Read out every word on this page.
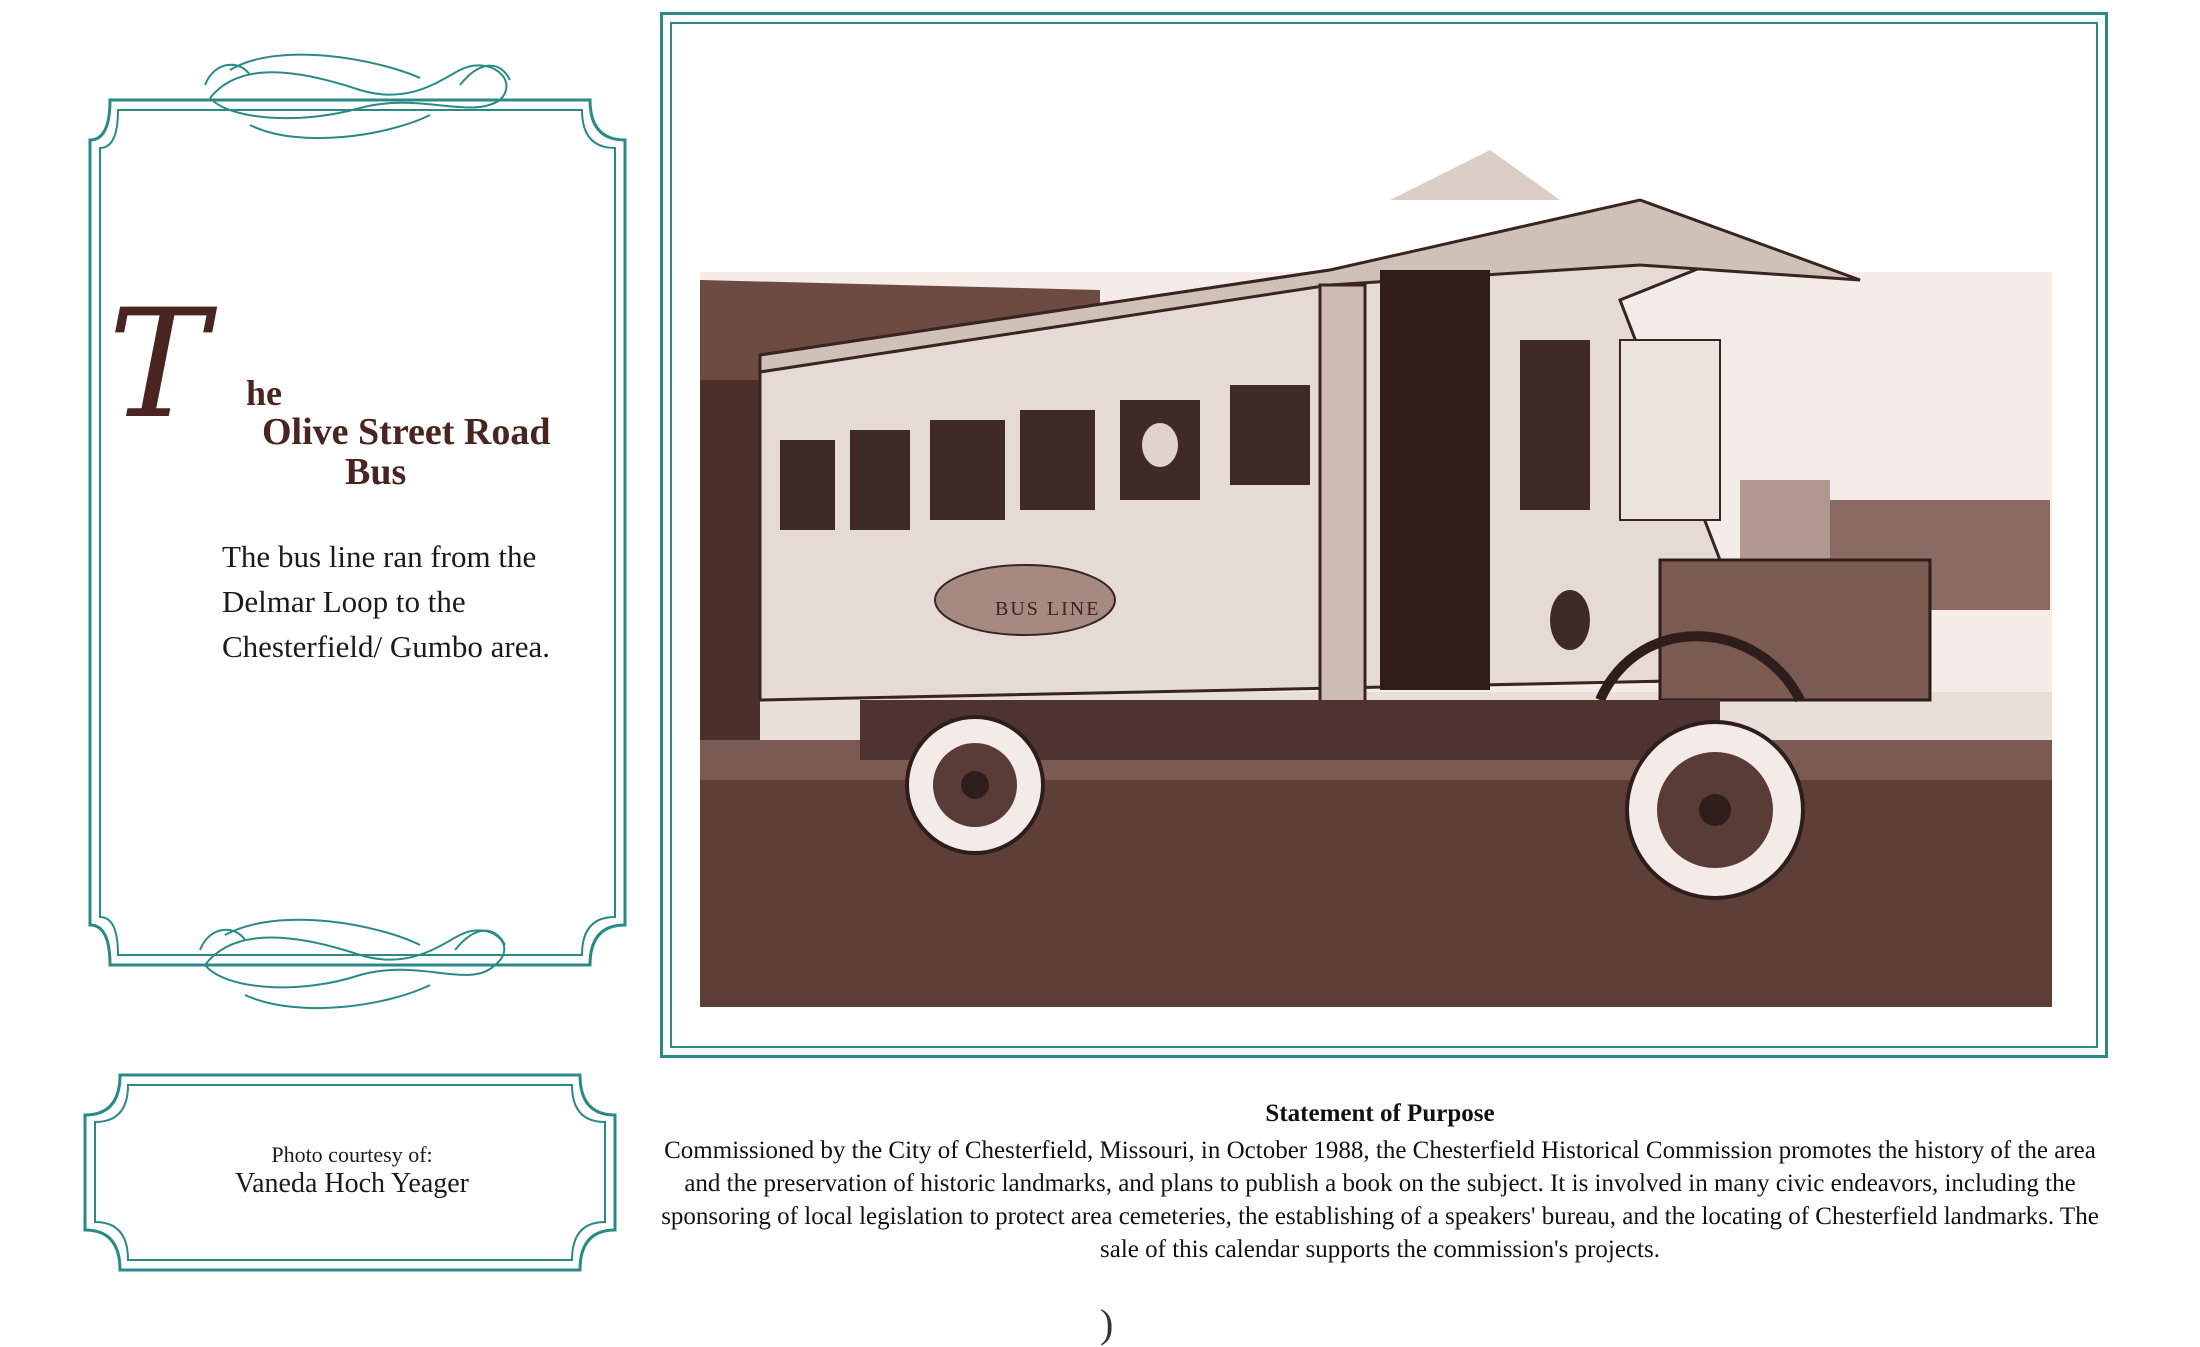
BUS LINE
T he
Olive Street Road
Bus
The bus line ran from the Delmar Loop to the Chesterfield/ Gumbo area.
Photo courtesy of:
Vaneda Hoch Yeager
Statement of Purpose
Commissioned by the City of Chesterfield, Missouri, in October 1988, the Chesterfield Historical Commission promotes the history of the area and the preservation of historic landmarks, and plans to publish a book on the subject. It is involved in many civic endeavors, including the sponsoring of local legislation to protect area cemeteries, the establishing of a speakers' bureau, and the locating of Chesterfield landmarks. The sale of this calendar supports the commission's projects.
)
